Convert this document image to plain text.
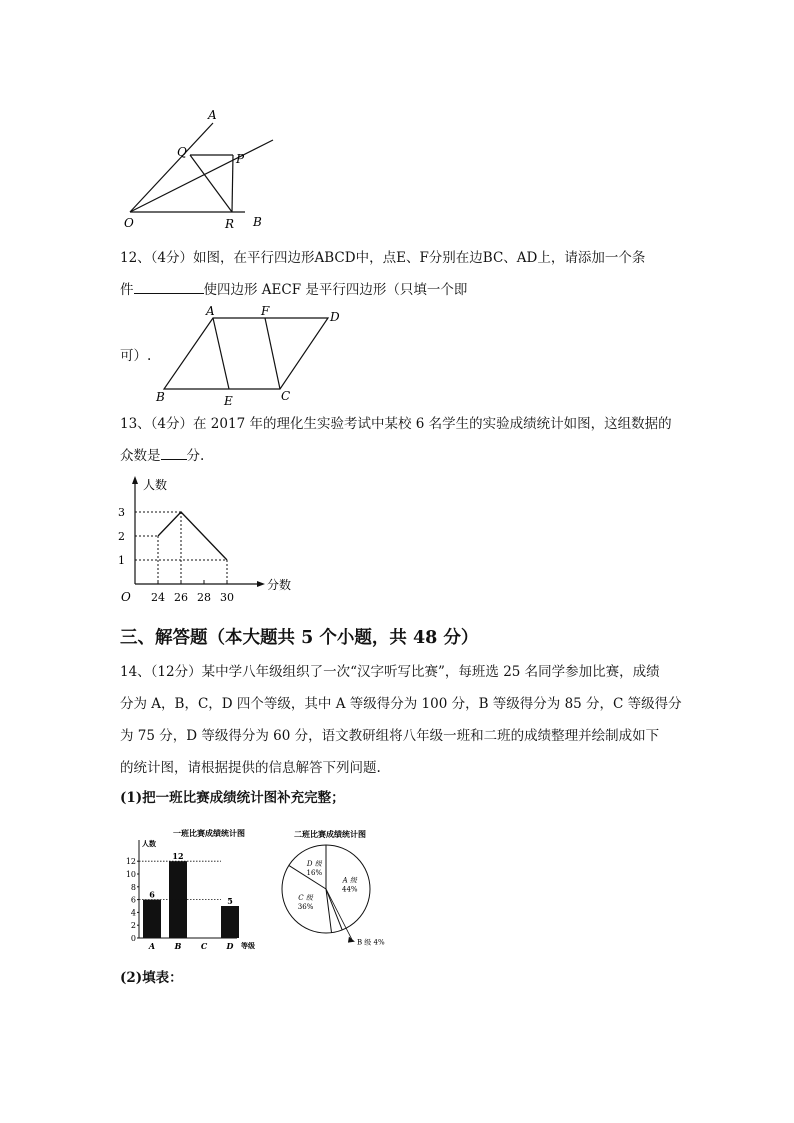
A
Q	P
O	R B
12、（4分）如图，在平行四边形ABCD中，点E、F分别在边BC、AD上，请添加一个条
件	使四边形 AECF 是平行四边形（只填一个即
A	F	D
B	E	C
可）.
13、（4分）在 2017 年的理化生实验考试中某校 6 名学生的实验成绩统计如图，这组数据的
众数是 分.
人数
分数
O
1
2
3
24 26 28 30
三、解答题（本大题共 5 个小题，共 48 分）
14、（12分）某中学八年级组织了一次“汉字听写比赛”，每班选 25 名同学参加比赛，成绩
分为 A，B，C，D 四个等级，其中 A 等级得分为 100 分，B 等级得分为 85 分，C 等级得分
为 75 分，D 等级得分为 60 分，语文教研组将八年级一班和二班的成绩整理并绘制成如下
的统计图，请根据提供的信息解答下列问题.
(1)把一班比赛成绩统计图补充完整；
一班比赛成绩统计图
人数
等级
0
2
4
6
8
10
12
A
6
B
12
C D
5
二班比赛成绩统计图
A 级
44%
B 级 4%
C 级
36%
D 级
16%
(2)填表：
